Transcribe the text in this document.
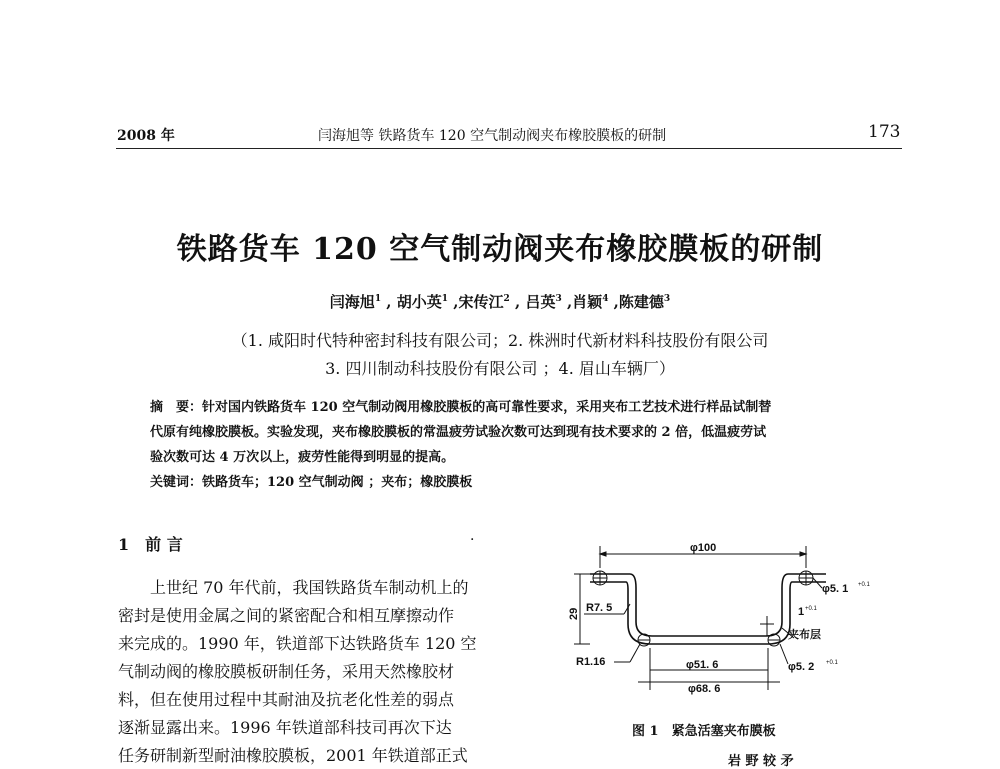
2008 年	闫海旭等 铁路货车 120 空气制动阀夹布橡胶膜板的研制	173
铁路货车 120 空气制动阀夹布橡胶膜板的研制
闫海旭$^1$ , 胡小英$^1$ ,宋传江$^2$ , 吕英$^3$ ,肖颖$^4$ ,陈建德$^3$
（1. 咸阳时代特种密封科技有限公司；2. 株洲时代新材料科技股份有限公司
3. 四川制动科技股份有限公司 ；4. 眉山车辆厂）
摘　要：针对国内铁路货车 120 空气制动阀用橡胶膜板的高可靠性要求，采用夹布工艺技术进行样品试制替
代原有纯橡胶膜板。实验发现，夹布橡胶膜板的常温疲劳试验次数可达到现有技术要求的 2 倍，低温疲劳试
验次数可达 4 万次以上，疲劳性能得到明显的提高。
关键词：铁路货车；120 空气制动阀 ；夹布；橡胶膜板
1　前 言	·
　　上世纪 70 年代前，我国铁路货车制动机上的
密封是使用金属之间的紧密配合和相互摩擦动作
来完成的。1990 年，铁道部下达铁路货车 120 空
气制动阀的橡胶膜板研制任务，采用天然橡胶材
料，但在使用过程中其耐油及抗老化性差的弱点
逐渐显露出来。1996 年铁道部科技司再次下达
任务研制新型耐油橡胶膜板，2001 年铁道部正式
φ100
φ5. 1 +0.1
29 R7. 5	1 +0.1
夹布层
R1.16	φ51. 6
φ68. 6
φ5. 2 +0.1
图 1　紧急活塞夹布膜板
岩 野 较 矛
